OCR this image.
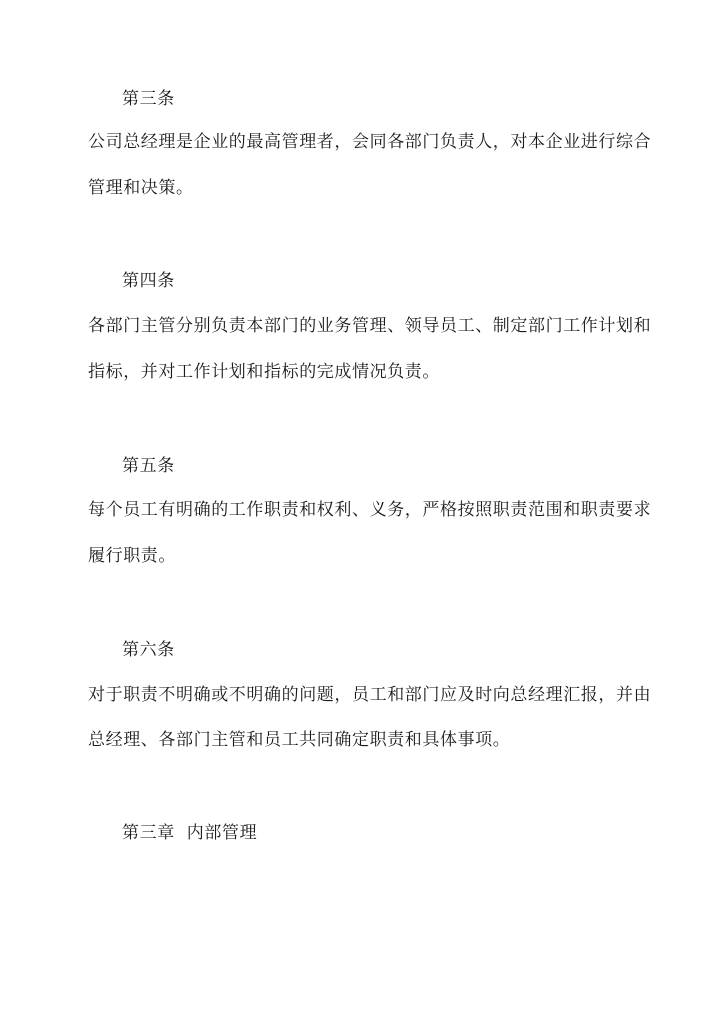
第三条
公司总经理是企业的最高管理者，会同各部门负责人，对本企业进行综合
管理和决策。
第四条
各部门主管分别负责本部门的业务管理、领导员工、制定部门工作计划和
指标，并对工作计划和指标的完成情况负责。
第五条
每个员工有明确的工作职责和权利、义务，严格按照职责范围和职责要求
履行职责。
第六条
对于职责不明确或不明确的问题，员工和部门应及时向总经理汇报，并由
总经理、各部门主管和员工共同确定职责和具体事项。
第三章  内部管理
